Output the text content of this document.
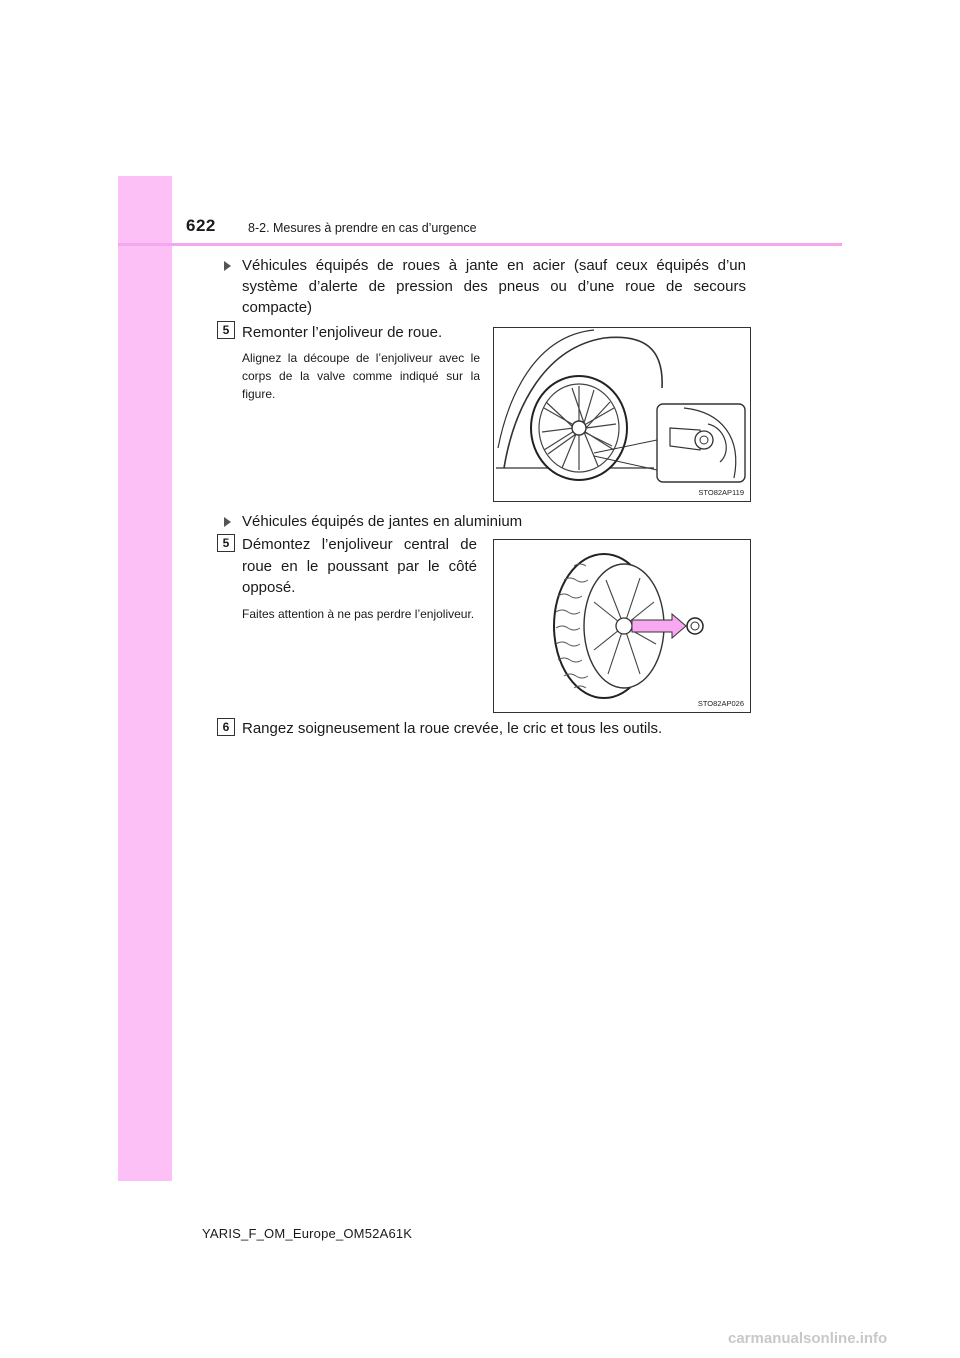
622	8-2. Mesures à prendre en cas d’urgence
Véhicules équipés de roues à jante en acier (sauf ceux équipés d’un système d’alerte de pression des pneus ou d’une roue de secours compacte)
5 Remonter l’enjoliveur de roue.
Alignez la découpe de l’enjoliveur avec le corps de la valve comme indiqué sur la figure.
STO82AP119
Véhicules équipés de jantes en aluminium
5 Démontez l’enjoliveur central de roue en le poussant par le côté opposé.
Faites attention à ne pas perdre l’enjoliveur.
STO82AP026
6 Rangez soigneusement la roue crevée, le cric et tous les outils.
YARIS_F_OM_Europe_OM52A61K
carmanualsonline.info
